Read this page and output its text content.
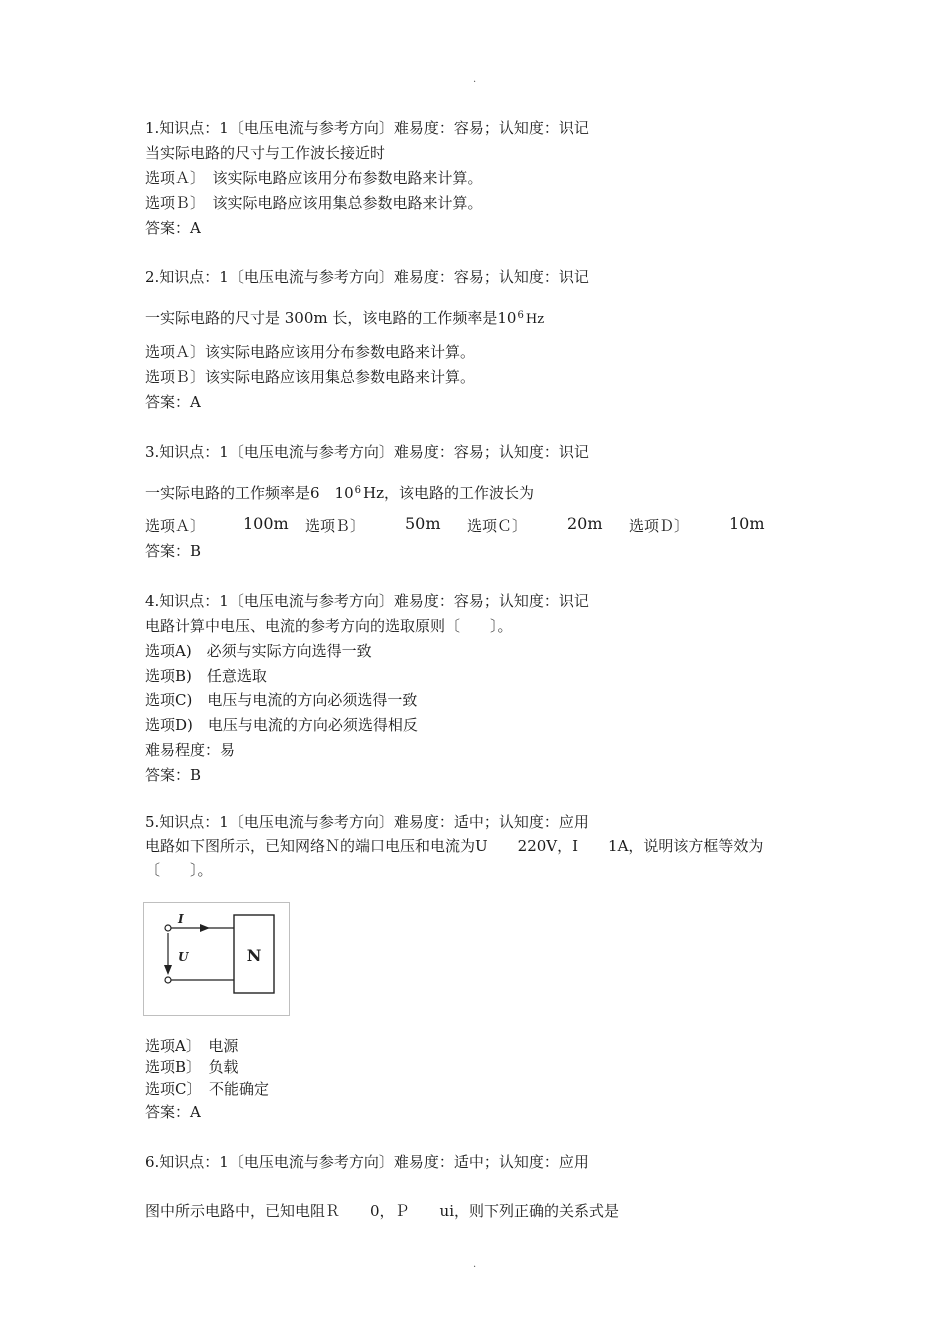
.
1.知识点：1〔电压电流与参考方向〕难易度：容易；认知度：识记
当实际电路的尺寸与工作波长接近时
选项Ａ〕　该实际电路应该用分布参数电路来计算。
选项Ｂ〕　该实际电路应该用集总参数电路来计算。
答案：A
2.知识点：1〔电压电流与参考方向〕难易度：容易；认知度：识记
一实际电路的尺寸是 300m 长，该电路的工作频率是$10^6$ Hz
选项Ａ〕该实际电路应该用分布参数电路来计算。
选项Ｂ〕该实际电路应该用集总参数电路来计算。
答案：A
3.知识点：1〔电压电流与参考方向〕难易度：容易；认知度：识记
一实际电路的工作频率是6　$10^6$ Hz，该电路的工作波长为
选项Ａ〕 100m 选项Ｂ〕 50m 选项Ｃ〕 20m 选项Ｄ〕 10m
答案：B
4.知识点：1〔电压电流与参考方向〕难易度：容易；认知度：识记
电路计算中电压、电流的参考方向的选取原则〔　　〕。
选项A)　必须与实际方向选得一致
选项B)　任意选取
选项C)　电压与电流的方向必须选得一致
选项D)　电压与电流的方向必须选得相反
难易程度：易
答案：B
5.知识点：1〔电压电流与参考方向〕难易度：适中；认知度：应用
电路如下图所示，已知网络Ｎ的端口电压和电流为U　　220V，I　　1A，说明该方框等效为
〔　　〕。
I
U	N
选项A〕　电源
选项B〕　负载
选项C〕　不能确定
答案：A
6.知识点：1〔电压电流与参考方向〕难易度：适中；认知度：应用
图中所示电路中，已知电阻Ｒ　　0，Ｐ　　ui，则下列正确的关系式是
.
